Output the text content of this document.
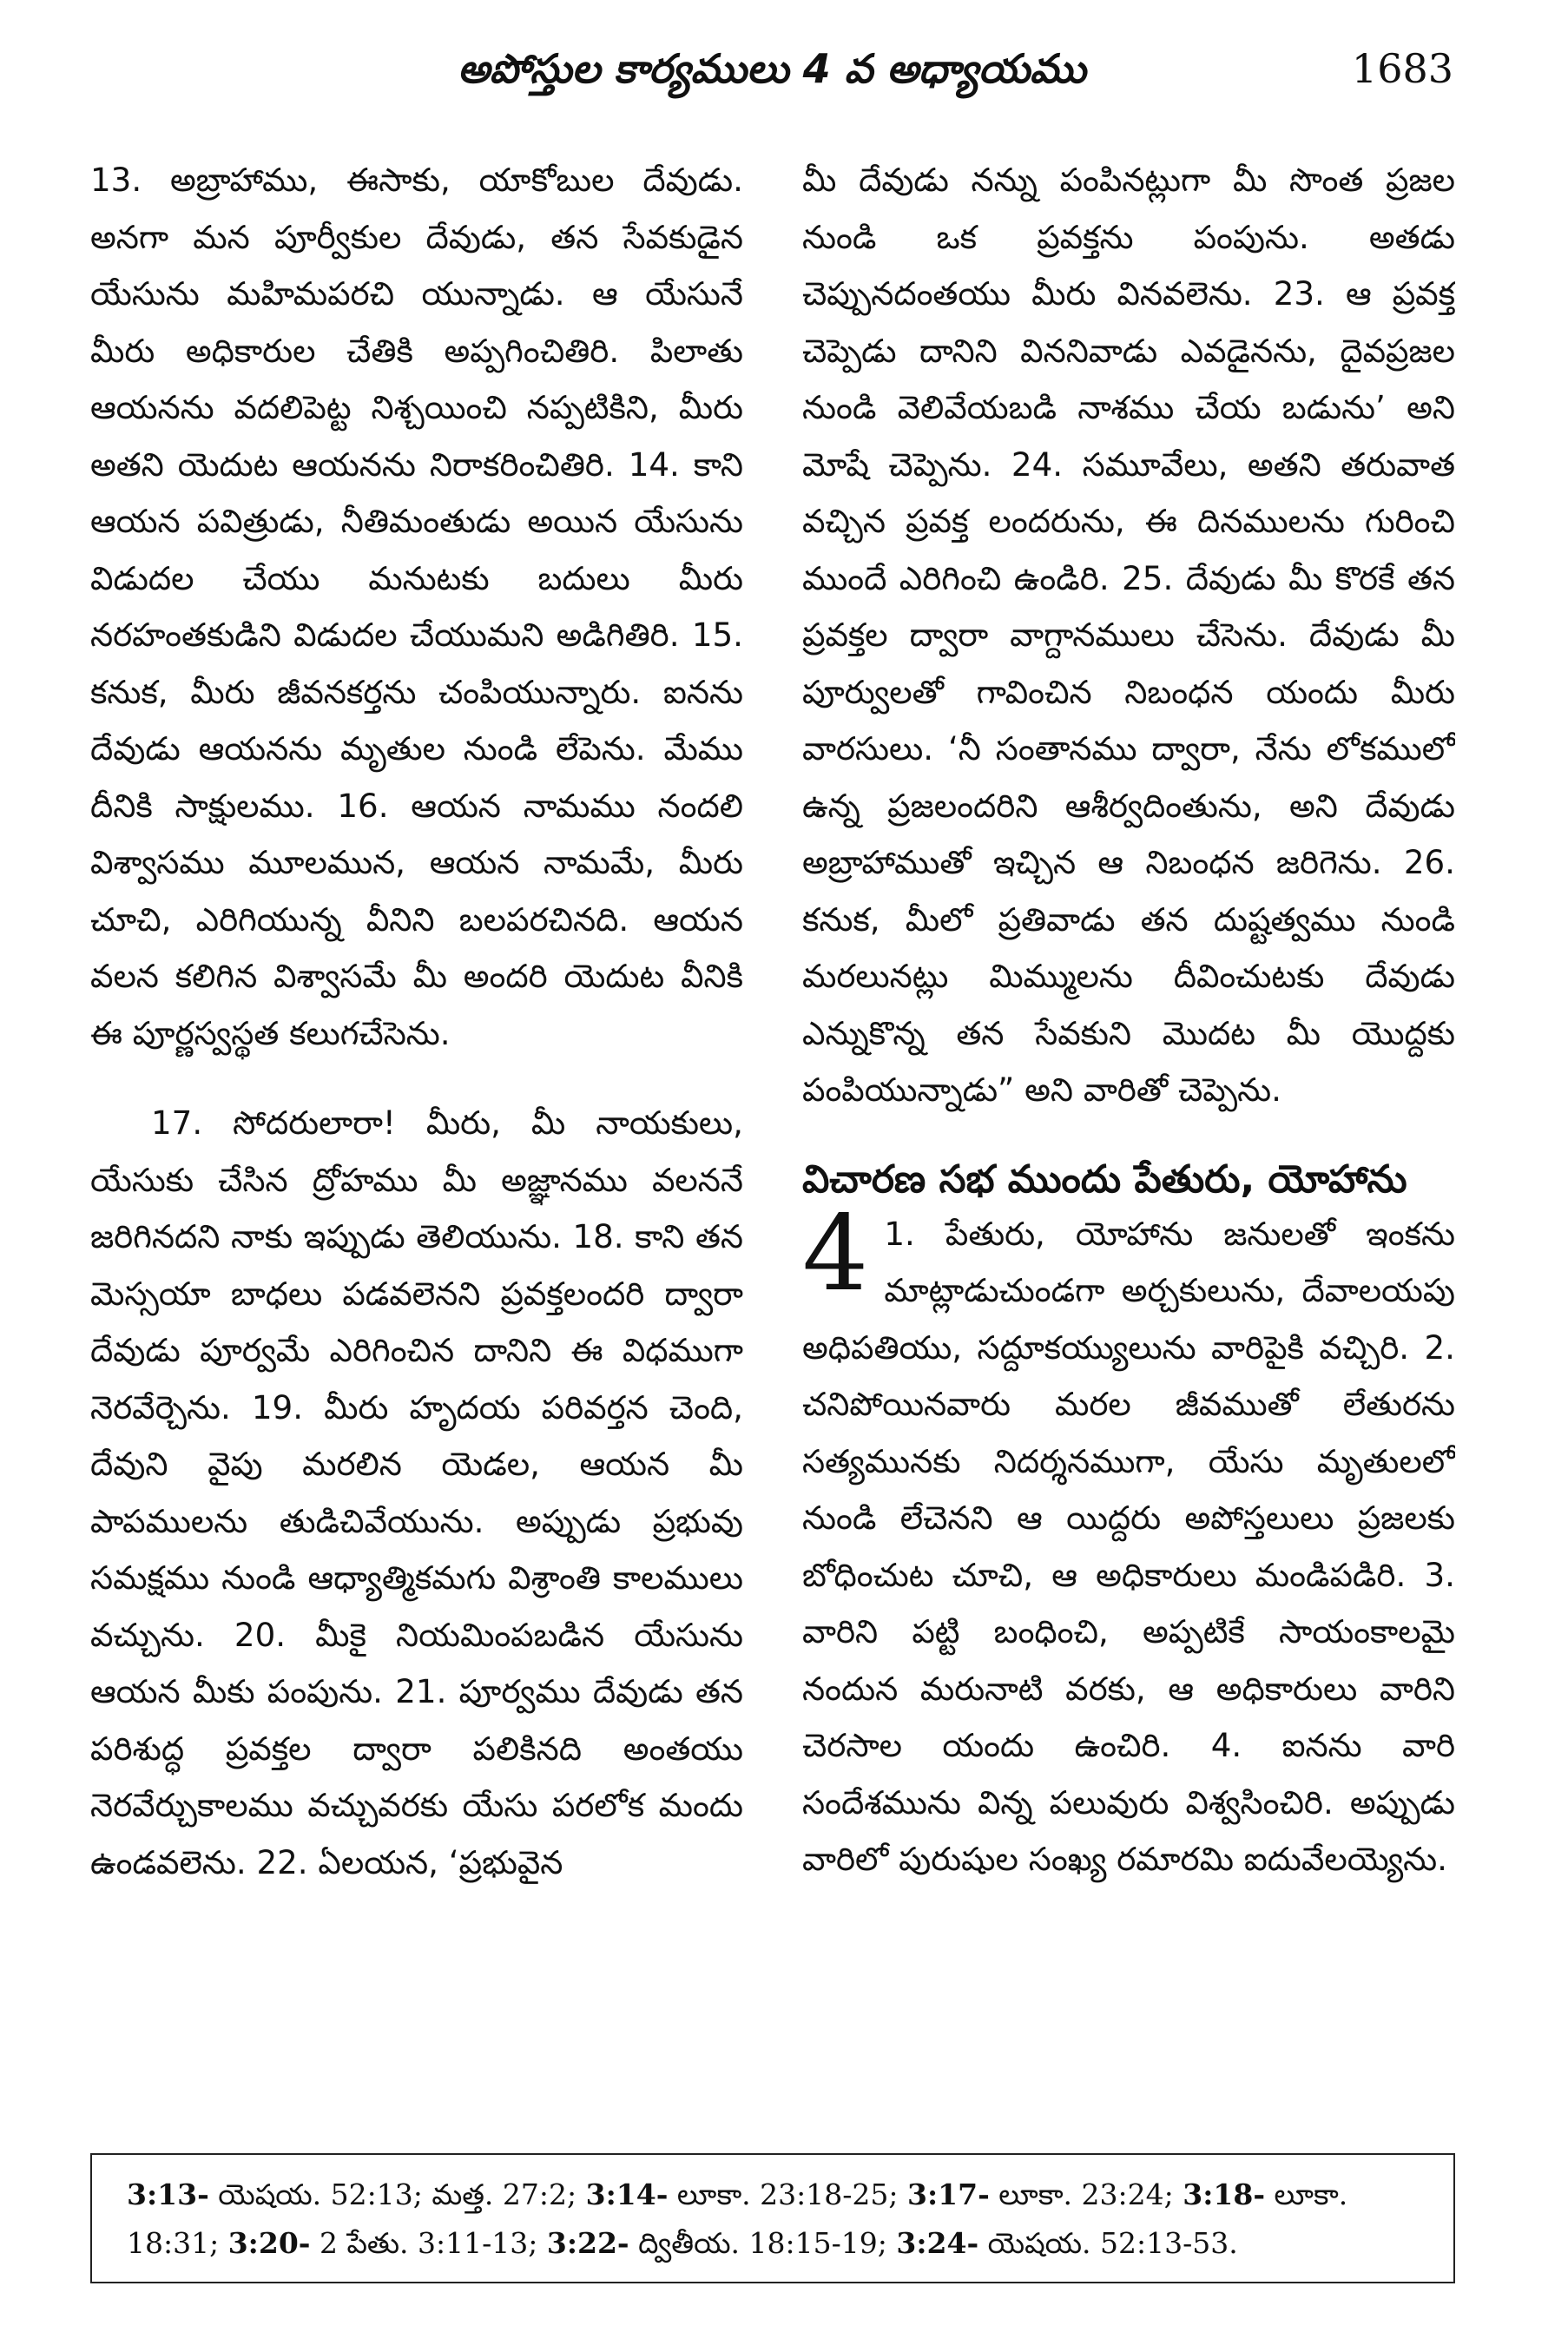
అపోస్తుల కార్యములు 4 వ అధ్యాయము	1683

13. అబ్రాహాము, ఈసాకు, యాకోబుల దేవుడు. అనగా మన పూర్వీకుల దేవుడు, తన సేవకుడైన యేసును మహిమపరచి యున్నాడు. ఆ యేసునే మీరు అధికారుల చేతికి అప్పగించితిరి. పిలాతు ఆయనను వదలిపెట్ట నిశ్చయించి నప్పటికిని, మీరు అతని యెదుట ఆయనను నిరాకరించితిరి. 14. కాని ఆయన పవిత్రుడు, నీతిమంతుడు అయిన యేసును విడుదల చేయు మనుటకు బదులు మీరు నరహంతకుడిని విడుదల చేయుమని అడిగితిరి. 15. కనుక, మీరు జీవనకర్తను చంపియున్నారు. ఐనను దేవుడు ఆయనను మృతుల నుండి లేపెను. మేము దీనికి సాక్షులము. 16. ఆయన నామము నందలి విశ్వాసము మూలమున, ఆయన నామమే, మీరు చూచి, ఎరిగియున్న వీనిని బలపరచినది. ఆయన వలన కలిగిన విశ్వాసమే మీ అందరి యెదుట వీనికి ఈ పూర్ణస్వస్థత కలుగచేసెను.

17. సోదరులారా! మీరు, మీ నాయకులు, యేసుకు చేసిన ద్రోహము మీ అజ్ఞానము వలననే జరిగినదని నాకు ఇప్పుడు తెలియును. 18. కాని తన మెస్సయా బాధలు పడవలెనని ప్రవక్తలందరి ద్వారా దేవుడు పూర్వమే ఎరిగించిన దానిని ఈ విధముగా నెరవేర్చెను. 19. మీరు హృదయ పరివర్తన చెంది, దేవుని వైపు మరలిన యెడల, ఆయన మీ పాపములను తుడిచివేయును. అప్పుడు ప్రభువు సమక్షము నుండి ఆధ్యాత్మికమగు విశ్రాంతి కాలములు వచ్చును. 20. మీకై నియమింపబడిన యేసును ఆయన మీకు పంపును. 21. పూర్వము దేవుడు తన పరిశుద్ధ ప్రవక్తల ద్వారా పలికినది అంతయు నెరవేర్చుకాలము వచ్చువరకు యేసు పరలోక మందు ఉండవలెను. 22. ఏలయన, ‘ప్రభువైన

మీ దేవుడు నన్ను పంపినట్లుగా మీ సొంత ప్రజల నుండి ఒక ప్రవక్తను పంపును. అతడు చెప్పునదంతయు మీరు వినవలెను. 23. ఆ ప్రవక్త చెప్పెడు దానిని విననివాడు ఎవడైనను, దైవప్రజల నుండి వెలివేయబడి నాశము చేయ బడును’ అని మోషే చెప్పెను. 24. సమూవేలు, అతని తరువాత వచ్చిన ప్రవక్త లందరును, ఈ దినములను గురించి ముందే ఎరిగించి ఉండిరి. 25. దేవుడు మీ కొరకే తన ప్రవక్తల ద్వారా వాగ్దానములు చేసెను. దేవుడు మీ పూర్వులతో గావించిన నిబంధన యందు మీరు వారసులు. ‘నీ సంతానము ద్వారా, నేను లోకములో ఉన్న ప్రజలందరిని ఆశీర్వదింతును, అని దేవుడు అబ్రాహాముతో ఇచ్చిన ఆ నిబంధన జరిగెను. 26. కనుక, మీలో ప్రతివాడు తన దుష్టత్వము నుండి మరలునట్లు మిమ్ములను దీవించుటకు దేవుడు ఎన్నుకొన్న తన సేవకుని మొదట మీ యొద్దకు పంపియున్నాడు” అని వారితో చెప్పెను.

విచారణ సభ ముందు పేతురు, యోహాను

4 1. పేతురు, యోహాను జనులతో ఇంకను మాట్లాడుచుండగా అర్చకులును, దేవాలయపు అధిపతియు, సద్దూకయ్యులును వారిపైకి వచ్చిరి. 2. చనిపోయినవారు మరల జీవముతో లేతురను సత్యమునకు నిదర్శనముగా, యేసు మృతులలో నుండి లేచెనని ఆ యిద్దరు అపోస్తలులు ప్రజలకు బోధించుట చూచి, ఆ అధికారులు మండిపడిరి. 3. వారిని పట్టి బంధించి, అప్పటికే సాయంకాలమై నందున మరునాటి వరకు, ఆ అధికారులు వారిని చెరసాల యందు ఉంచిరి. 4. ఐనను వారి సందేశమును విన్న పలువురు విశ్వసించిరి. అప్పుడు వారిలో పురుషుల సంఖ్య రమారమి ఐదువేలయ్యెను.

3:13- యెషయ. 52:13; మత్త. 27:2; 3:14- లూకా. 23:18-25; 3:17- లూకా. 23:24; 3:18- లూకా. 18:31; 3:20- 2 పేతు. 3:11-13; 3:22- ద్వితీయ. 18:15-19; 3:24- యెషయ. 52:13-53.
